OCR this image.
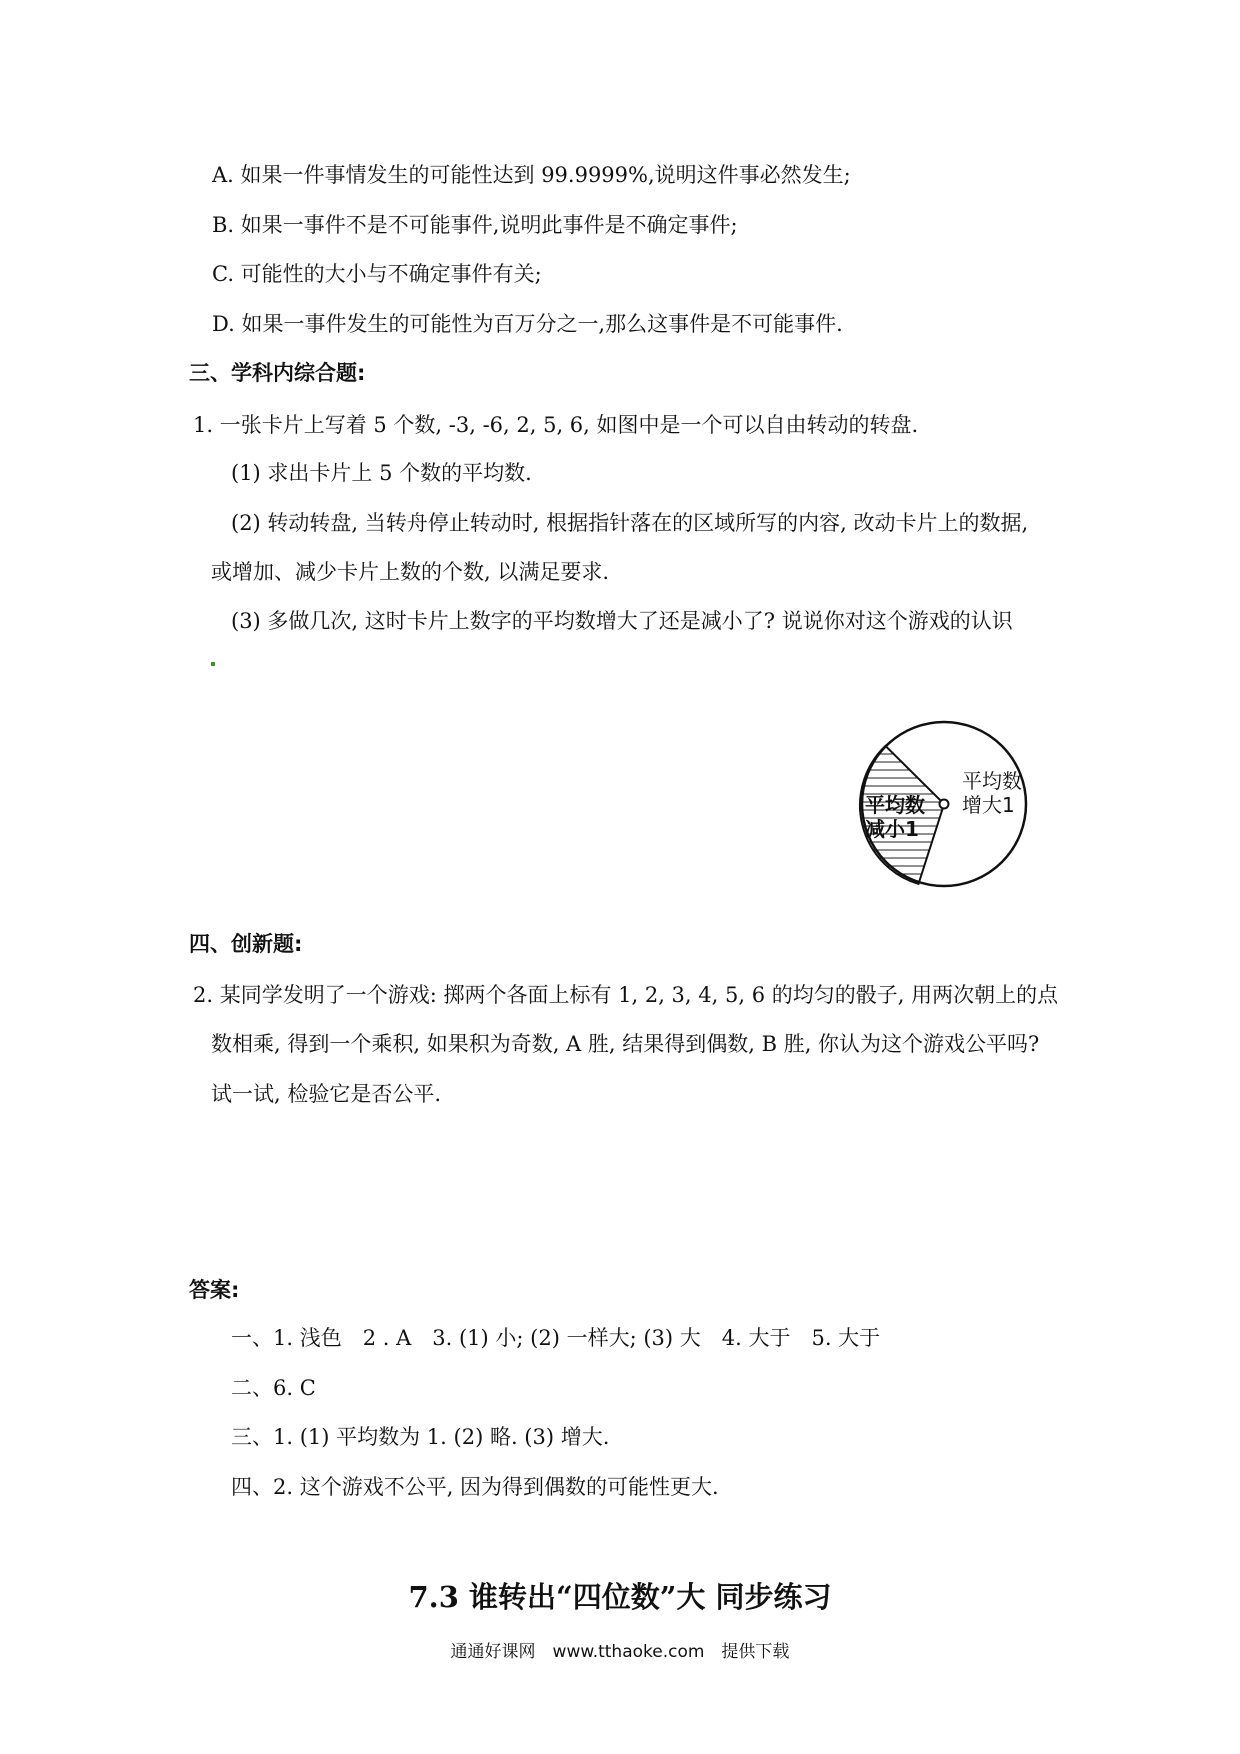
A. 如果一件事情发生的可能性达到 99.9999%,说明这件事必然发生;
B. 如果一事件不是不可能事件,说明此事件是不确定事件;
C. 可能性的大小与不确定事件有关;
D. 如果一事件发生的可能性为百万分之一,那么这事件是不可能事件.
三、学科内综合题:
1. 一张卡片上写着 5 个数, -3, -6, 2, 5, 6, 如图中是一个可以自由转动的转盘.
(1) 求出卡片上 5 个数的平均数.
(2) 转动转盘, 当转舟停止转动时, 根据指针落在的区域所写的内容, 改动卡片上的数据,
或增加、减少卡片上数的个数, 以满足要求.
(3) 多做几次, 这时卡片上数字的平均数增大了还是减小了? 说说你对这个游戏的认识
平均数
减小1
平均数
增大1
四、创新题:
2. 某同学发明了一个游戏: 掷两个各面上标有 1, 2, 3, 4, 5, 6 的均匀的骰子, 用两次朝上的点
数相乘, 得到一个乘积, 如果积为奇数, A 胜, 结果得到偶数, B 胜, 你认为这个游戏公平吗?
试一试, 检验它是否公平.
答案:
一、1. 浅色　2 . A　3. (1) 小; (2) 一样大; (3) 大　4. 大于　5. 大于
二、6. C
三、1. (1) 平均数为 1. (2) 略. (3) 增大.
四、2. 这个游戏不公平, 因为得到偶数的可能性更大.
7.3 谁转出“四位数”大 同步练习
通通好课网　www.tthaoke.com　提供下载
